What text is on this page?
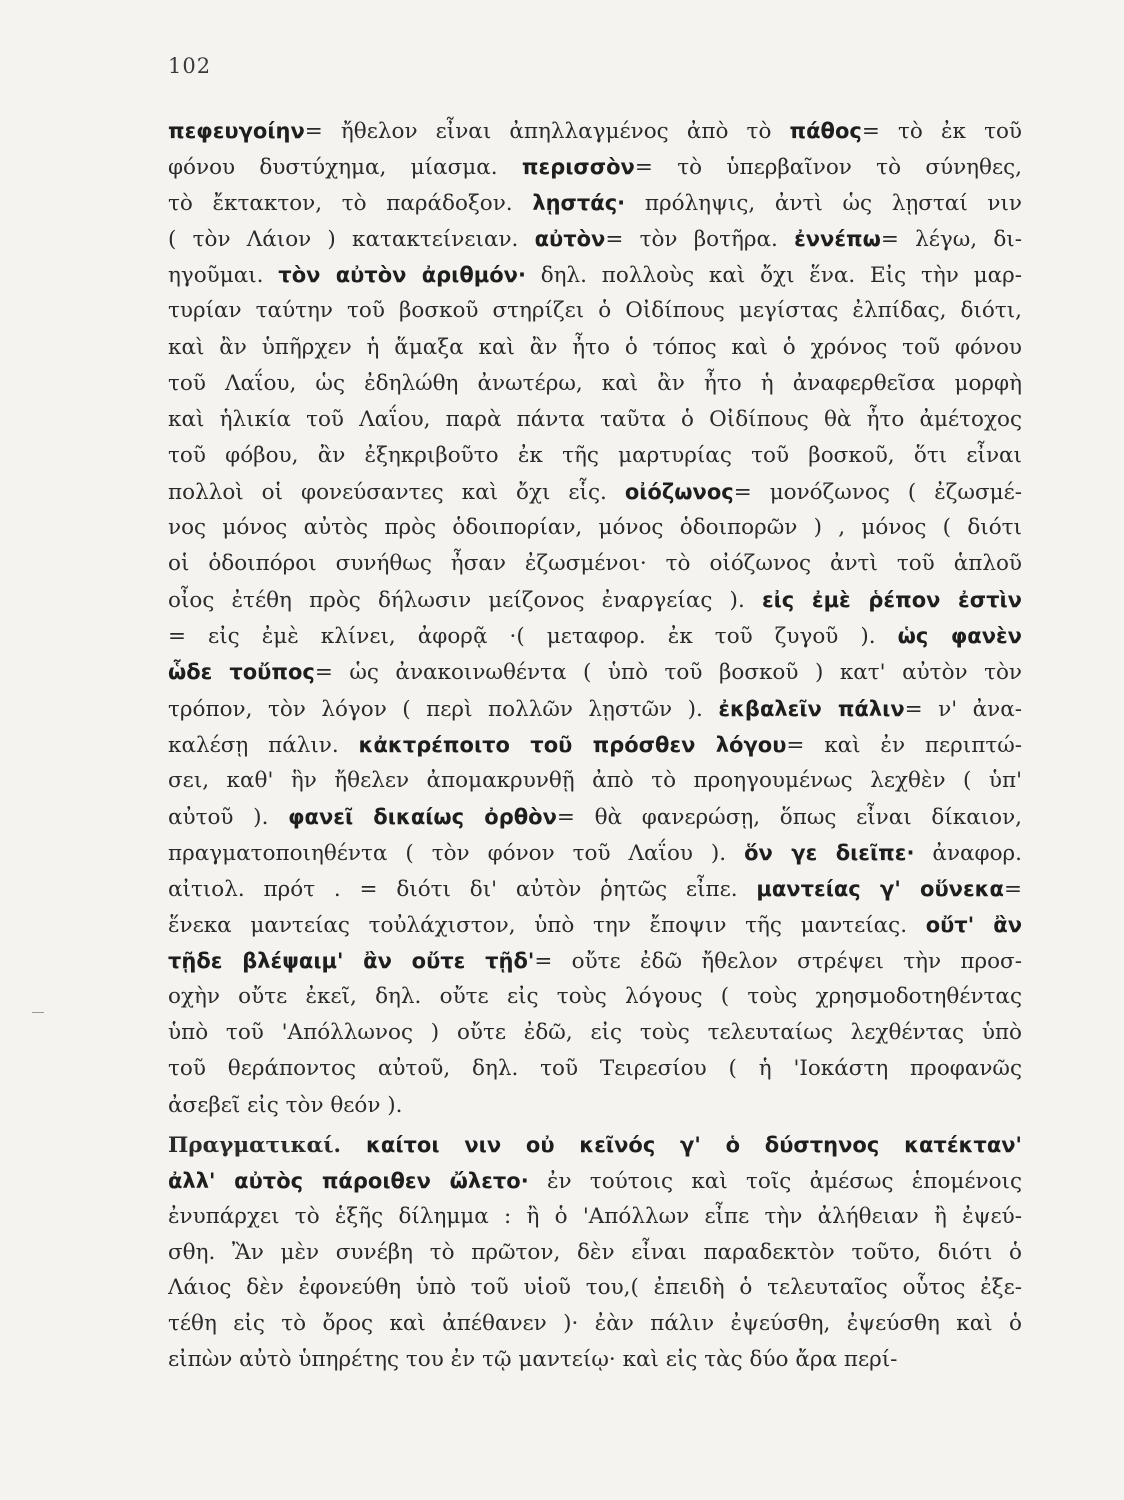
102
πεφευγοίην= ἤθελον εἶναι ἀπηλλαγμένος ἀπὸ τὸ πάθος= τὸ ἐκ τοῦ
φόνου δυστύχημα, μίασμα. περισσὸν= τὸ ὑπερβαῖνον τὸ σύνηθες,
τὸ ἔκτακτον, τὸ παράδοξον. λῃστάς· πρόληψις, ἀντὶ ὡς λῃσταί νιν
( τὸν Λάιον ) κατακτείνειαν. αὐτὸν= τὸν βοτῆρα. ἐννέπω= λέγω, δι-
ηγοῦμαι. τὸν αὐτὸν ἀριθμόν· δηλ. πολλοὺς καὶ ὄχι ἕνα. Εἰς τὴν μαρ-
τυρίαν ταύτην τοῦ βοσκοῦ στηρίζει ὁ Οἰδίπους μεγίστας ἐλπίδας, διότι,
καὶ ἂν ὑπῆρχεν ἡ ἅμαξα καὶ ἂν ἦτο ὁ τόπος καὶ ὁ χρόνος τοῦ φόνου
τοῦ Λαΐου, ὡς ἐδηλώθη ἀνωτέρω, καὶ ἂν ἦτο ἡ ἀναφερθεῖσα μορφὴ
καὶ ἡλικία τοῦ Λαΐου, παρὰ πάντα ταῦτα ὁ Οἰδίπους θὰ ἦτο ἀμέτοχος
τοῦ φόβου, ἂν ἐξηκριβοῦτο ἐκ τῆς μαρτυρίας τοῦ βοσκοῦ, ὅτι εἶναι
πολλοὶ οἱ φονεύσαντες καὶ ὄχι εἷς. οἰόζωνος= μονόζωνος ( ἐζωσμέ-
νος μόνος αὐτὸς πρὸς ὁδοιπορίαν, μόνος ὁδοιπορῶν ) , μόνος ( διότι
οἱ ὁδοιπόροι συνήθως ἦσαν ἐζωσμένοι· τὸ οἰόζωνος ἀντὶ τοῦ ἁπλοῦ
οἶος ἐτέθη πρὸς δήλωσιν μείζονος ἐναργείας ). εἰς ἐμὲ ῥέπον ἐστὶν
= εἰς ἐμὲ κλίνει, ἀφορᾷ ·( μεταφορ. ἐκ τοῦ ζυγοῦ ). ὡς φανὲν
ὧδε τοὔπος= ὡς ἀνακοινωθέντα ( ὑπὸ τοῦ βοσκοῦ ) κατ' αὐτὸν τὸν
τρόπον, τὸν λόγον ( περὶ πολλῶν λῃστῶν ). ἐκβαλεῖν πάλιν= ν' ἀνα-
καλέσῃ πάλιν. κἀκτρέποιτο τοῦ πρόσθεν λόγου= καὶ ἐν περιπτώ-
σει, καθ' ἣν ἤθελεν ἀπομακρυνθῇ ἀπὸ τὸ προηγουμένως λεχθὲν ( ὑπ'
αὐτοῦ ). φανεῖ δικαίως ὀρθὸν= θὰ φανερώσῃ, ὅπως εἶναι δίκαιον,
πραγματοποιηθέντα ( τὸν φόνον τοῦ Λαΐου ). ὅν γε διεῖπε· ἀναφορ.
αἰτιολ. πρότ . = διότι δι' αὐτὸν ῥητῶς εἶπε. μαντείας γ' οὕνεκα=
ἕνεκα μαντείας τοὐλάχιστον, ὑπὸ την ἔποψιν τῆς μαντείας. οὔτ' ἂν
τῇδε βλέψαιμ' ἂν οὔτε τῇδ'= οὔτε ἐδῶ ἤθελον στρέψει τὴν προσ-
οχὴν οὔτε ἐκεῖ, δηλ. οὔτε εἰς τοὺς λόγους ( τοὺς χρησμοδοτηθέντας
ὑπὸ τοῦ 'Απόλλωνος ) οὔτε ἐδῶ, εἰς τοὺς τελευταίως λεχθέντας ὑπὸ
τοῦ θεράποντος αὐτοῦ, δηλ. τοῦ Τειρεσίου ( ἡ 'Ιοκάστη προφανῶς
ἀσεβεῖ εἰς τὸν θεόν ).
Πραγματικαί. καίτοι νιν οὐ κεῖνός γ' ὁ δύστηνος κατέκταν'
ἀλλ' αὐτὸς πάροιθεν ὤλετο· ἐν τούτοις καὶ τοῖς ἀμέσως ἑπομένοις
ἐνυπάρχει τὸ ἑξῆς δίλημμα : ἢ ὁ 'Απόλλων εἶπε τὴν ἀλήθειαν ἢ ἐψεύ-
σθη. Ἂν μὲν συνέβη τὸ πρῶτον, δὲν εἶναι παραδεκτὸν τοῦτο, διότι ὁ
Λάιος δὲν ἐφονεύθη ὑπὸ τοῦ υἱοῦ του,( ἐπειδὴ ὁ τελευταῖος οὗτος ἐξε-
τέθη εἰς τὸ ὄρος καὶ ἀπέθανεν )· ἐὰν πάλιν ἐψεύσθη, ἐψεύσθη καὶ ὁ
εἰπὼν αὐτὸ ὑπηρέτης του ἐν τῷ μαντείῳ· καὶ εἰς τὰς δύο ἄρα περί-
